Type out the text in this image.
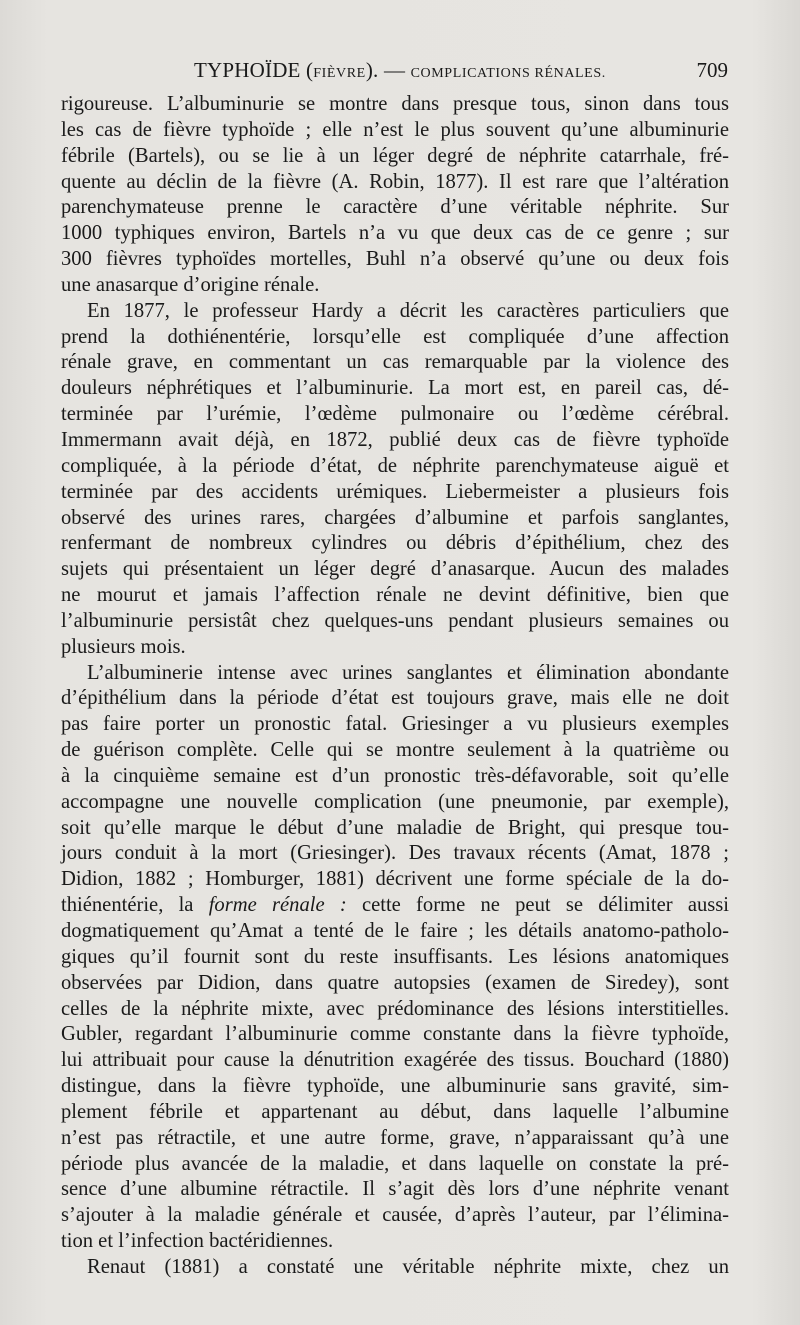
TYPHOÏDE (FIÈVRE). — COMPLICATIONS RÉNALES.	709
rigoureuse. L’albuminurie se montre dans presque tous, sinon dans tous
les cas de fièvre typhoïde ; elle n’est le plus souvent qu’une albuminurie
fébrile (Bartels), ou se lie à un léger degré de néphrite catarrhale, fré-
quente au déclin de la fièvre (A. Robin, 1877). Il est rare que l’altération
parenchymateuse prenne le caractère d’une véritable néphrite. Sur
1000 typhiques environ, Bartels n’a vu que deux cas de ce genre ; sur
300 fièvres typhoïdes mortelles, Buhl n’a observé qu’une ou deux fois
une anasarque d’origine rénale.
En 1877, le professeur Hardy a décrit les caractères particuliers que
prend la dothiénentérie, lorsqu’elle est compliquée d’une affection
rénale grave, en commentant un cas remarquable par la violence des
douleurs néphrétiques et l’albuminurie. La mort est, en pareil cas, dé-
terminée par l’urémie, l’œdème pulmonaire ou l’œdème cérébral.
Immermann avait déjà, en 1872, publié deux cas de fièvre typhoïde
compliquée, à la période d’état, de néphrite parenchymateuse aiguë et
terminée par des accidents urémiques. Liebermeister a plusieurs fois
observé des urines rares, chargées d’albumine et parfois sanglantes,
renfermant de nombreux cylindres ou débris d’épithélium, chez des
sujets qui présentaient un léger degré d’anasarque. Aucun des malades
ne mourut et jamais l’affection rénale ne devint définitive, bien que
l’albuminurie persistât chez quelques-uns pendant plusieurs semaines ou
plusieurs mois.
L’albuminerie intense avec urines sanglantes et élimination abondante
d’épithélium dans la période d’état est toujours grave, mais elle ne doit
pas faire porter un pronostic fatal. Griesinger a vu plusieurs exemples
de guérison complète. Celle qui se montre seulement à la quatrième ou
à la cinquième semaine est d’un pronostic très-défavorable, soit qu’elle
accompagne une nouvelle complication (une pneumonie, par exemple),
soit qu’elle marque le début d’une maladie de Bright, qui presque tou-
jours conduit à la mort (Griesinger). Des travaux récents (Amat, 1878 ;
Didion, 1882 ; Homburger, 1881) décrivent une forme spéciale de la do-
thiénentérie, la forme rénale : cette forme ne peut se délimiter aussi
dogmatiquement qu’Amat a tenté de le faire ; les détails anatomo-patholo-
giques qu’il fournit sont du reste insuffisants. Les lésions anatomiques
observées par Didion, dans quatre autopsies (examen de Siredey), sont
celles de la néphrite mixte, avec prédominance des lésions interstitielles.
Gubler, regardant l’albuminurie comme constante dans la fièvre typhoïde,
lui attribuait pour cause la dénutrition exagérée des tissus. Bouchard (1880)
distingue, dans la fièvre typhoïde, une albuminurie sans gravité, sim-
plement fébrile et appartenant au début, dans laquelle l’albumine
n’est pas rétractile, et une autre forme, grave, n’apparaissant qu’à une
période plus avancée de la maladie, et dans laquelle on constate la pré-
sence d’une albumine rétractile. Il s’agit dès lors d’une néphrite venant
s’ajouter à la maladie générale et causée, d’après l’auteur, par l’élimina-
tion et l’infection bactéridiennes.
Renaut (1881) a constaté une véritable néphrite mixte, chez un
